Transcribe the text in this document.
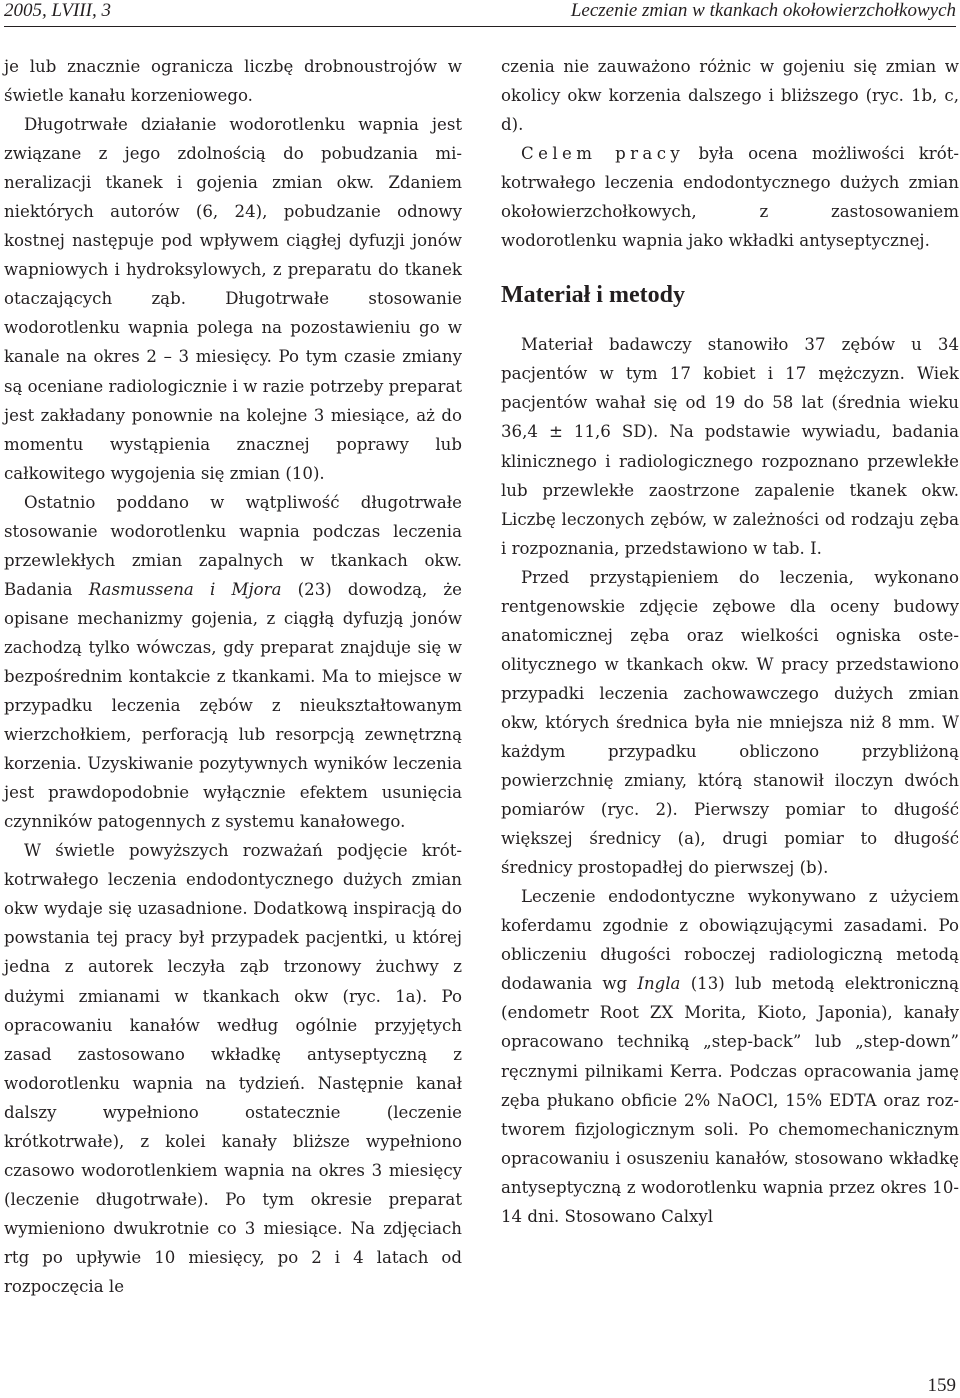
2005, LVIII, 3	Leczenie zmian w tkankach okołowierzchołkowych

je lub znacznie ogranicza liczbę drobnoustrojów w świetle kanału korzeniowego.

Długotrwałe działanie wodorotlenku wapnia jest związane z jego zdolnością do pobudzania mineralizacji tkanek i gojenia zmian okw. Zdaniem niektórych autorów (6, 24), pobudzanie odnowy kostnej następuje pod wpływem ciągłej dyfuzji jonów wapniowych i hydroksylowych, z preparatu do tkanek otaczających ząb. Długotrwałe stosowanie wodorotlenku wapnia polega na pozostawieniu go w kanale na okres 2 – 3 miesięcy. Po tym czasie zmiany są oceniane radiologicznie i w razie potrzeby preparat jest zakładany ponownie na kolejne 3 miesiące, aż do momentu wystąpienia znacznej poprawy lub całkowitego wygojenia się zmian (10).

Ostatnio poddano w wątpliwość długotrwałe stosowanie wodorotlenku wapnia podczas leczenia przewlekłych zmian zapalnych w tkankach okw. Badania Rasmussena i Mjora (23) dowodzą, że opisane mechanizmy gojenia, z ciągłą dyfuzją jonów zachodzą tylko wówczas, gdy preparat znajduje się w bezpośrednim kontakcie z tkankami. Ma to miejsce w przypadku leczenia zębów z nieukształtowanym wierzchołkiem, perforacją lub resorpcją zewnętrzną korzenia. Uzyskiwanie pozytywnych wyników leczenia jest prawdopodobnie wyłącznie efektem usunięcia czynników patogennych z systemu kanałowego.

W świetle powyższych rozważań podjęcie krótkotrwałego leczenia endodontycznego dużych zmian okw wydaje się uzasadnione. Dodatkową inspiracją do powstania tej pracy był przypadek pacjentki, u której jedna z autorek leczyła ząb trzonowy żuchwy z dużymi zmianami w tkankach okw (ryc. 1a). Po opracowaniu kanałów według ogólnie przyjętych zasad zastosowano wkładkę antyseptyczną z wodorotlenku wapnia na tydzień. Następnie kanał dalszy wypełniono ostatecznie (leczenie krótkotrwałe), z kolei kanały bliższe wypełniono czasowo wodorotlenkiem wapnia na okres 3 miesięcy (leczenie długotrwałe). Po tym okresie preparat wymieniono dwukrotnie co 3 miesiące. Na zdjęciach rtg po upływie 10 miesięcy, po 2 i 4 latach od rozpoczęcia le

czenia nie zauważono różnic w gojeniu się zmian w okolicy okw korzenia dalszego i bliższego (ryc. 1b, c, d).

Celem pracy była ocena możliwości krótkotrwałego leczenia endodontycznego dużych zmian okołowierzchołkowych, z zastosowaniem wodorotlenku wapnia jako wkładki antyseptycznej.

Materiał i metody

Materiał badawczy stanowiło 37 zębów u 34 pacjentów w tym 17 kobiet i 17 mężczyzn. Wiek pacjentów wahał się od 19 do 58 lat (średnia wieku 36,4 ± 11,6 SD). Na podstawie wywiadu, badania klinicznego i radiologicznego rozpoznano przewlekłe lub przewlekłe zaostrzone zapalenie tkanek okw. Liczbę leczonych zębów, w zależności od rodzaju zęba i rozpoznania, przedstawiono w tab. I.

Przed przystąpieniem do leczenia, wykonano rentgenowskie zdjęcie zębowe dla oceny budowy anatomicznej zęba oraz wielkości ogniska osteolitycznego w tkankach okw. W pracy przedstawiono przypadki leczenia zachowawczego dużych zmian okw, których średnica była nie mniejsza niż 8 mm. W każdym przypadku obliczono przybliżoną powierzchnię zmiany, którą stanowił iloczyn dwóch pomiarów (ryc. 2). Pierwszy pomiar to długość większej średnicy (a), drugi pomiar to długość średnicy prostopadłej do pierwszej (b).

Leczenie endodontyczne wykonywano z użyciem koferdamu zgodnie z obowiązującymi zasadami. Po obliczeniu długości roboczej radiologiczną metodą dodawania wg Ingla (13) lub metodą elektroniczną (endometr Root ZX Morita, Kioto, Japonia), kanały opracowano techniką „step-back” lub „step-down” ręcznymi pilnikami Kerra. Podczas opracowania jamę zęba płukano obficie 2% NaOCl, 15% EDTA oraz roztworem fizjologicznym soli. Po chemomechanicznym opracowaniu i osuszeniu kanałów, stosowano wkładkę antyseptyczną z wodorotlenku wapnia przez okres 10-14 dni. Stosowano Calxyl

159
